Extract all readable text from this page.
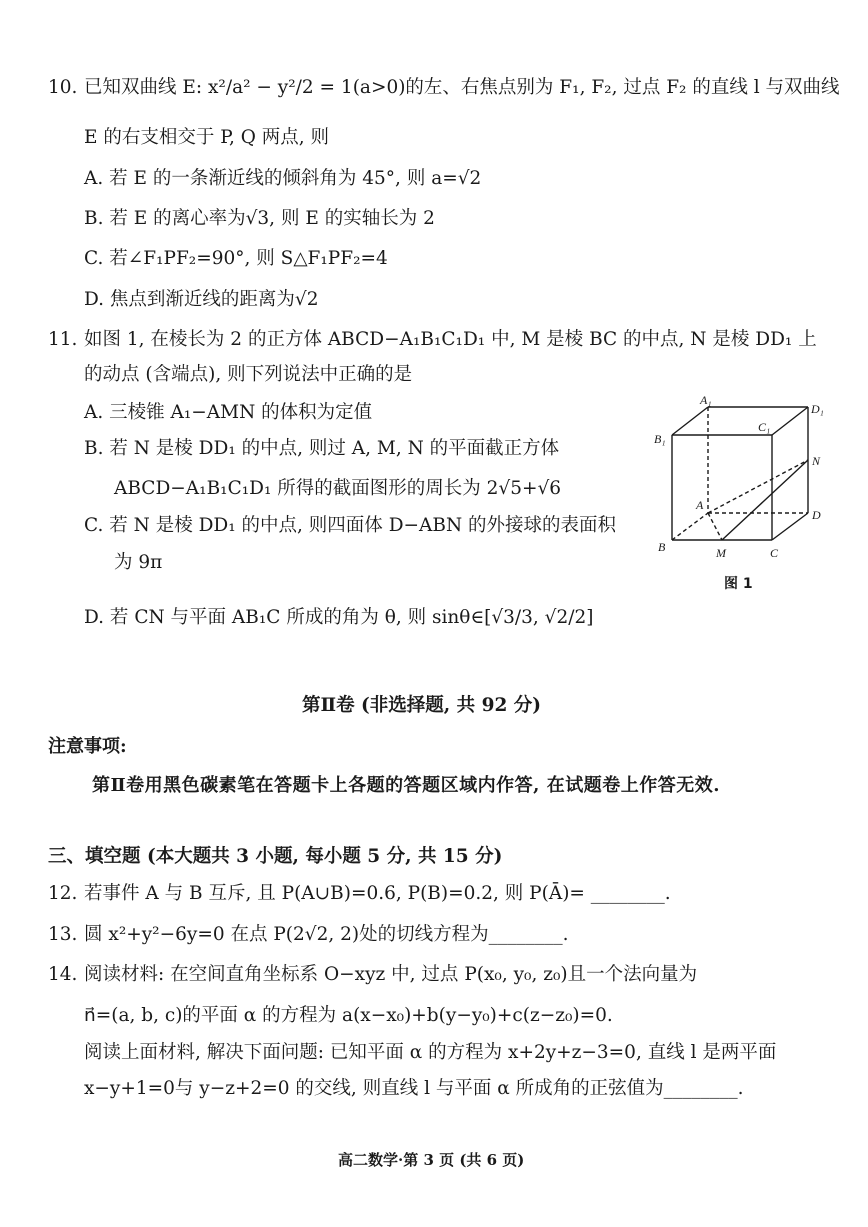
10. 已知双曲线 E: x²/a² − y²/2 = 1(a>0)的左、右焦点别为 F₁, F₂, 过点 F₂ 的直线 l 与双曲线
E 的右支相交于 P, Q 两点, 则
A. 若 E 的一条渐近线的倾斜角为 45°, 则 a=√2
B. 若 E 的离心率为√3, 则 E 的实轴长为 2
C. 若∠F₁PF₂=90°, 则 S△F₁PF₂=4
D. 焦点到渐近线的距离为√2
11. 如图 1, 在棱长为 2 的正方体 ABCD−A₁B₁C₁D₁ 中, M 是棱 BC 的中点, N 是棱 DD₁ 上
的动点 (含端点), 则下列说法中正确的是
A. 三棱锥 A₁−AMN 的体积为定值
B. 若 N 是棱 DD₁ 的中点, 则过 A, M, N 的平面截正方体
ABCD−A₁B₁C₁D₁ 所得的截面图形的周长为 2√5+√6
C. 若 N 是棱 DD₁ 的中点, 则四面体 D−ABN 的外接球的表面积
为 9π
D. 若 CN 与平面 AB₁C 所成的角为 θ, 则 sinθ∈[√3/3, √2/2]
A₁
D₁
B₁
C₁
N
A
D
B	M	C
图 1
第Ⅱ卷 (非选择题, 共 92 分)
注意事项:
第Ⅱ卷用黑色碳素笔在答题卡上各题的答题区域内作答, 在试题卷上作答无效.
三、填空题 (本大题共 3 小题, 每小题 5 分, 共 15 分)
12. 若事件 A 与 B 互斥, 且 P(A∪B)=0.6, P(B)=0.2, 则 P(Ā)= ________.
13. 圆 x²+y²−6y=0 在点 P(2√2, 2)处的切线方程为________.
14. 阅读材料: 在空间直角坐标系 O−xyz 中, 过点 P(x₀, y₀, z₀)且一个法向量为
n⃗=(a, b, c)的平面 α 的方程为 a(x−x₀)+b(y−y₀)+c(z−z₀)=0.
阅读上面材料, 解决下面问题: 已知平面 α 的方程为 x+2y+z−3=0, 直线 l 是两平面
x−y+1=0与 y−z+2=0 的交线, 则直线 l 与平面 α 所成角的正弦值为________.
高二数学·第 3 页 (共 6 页)
